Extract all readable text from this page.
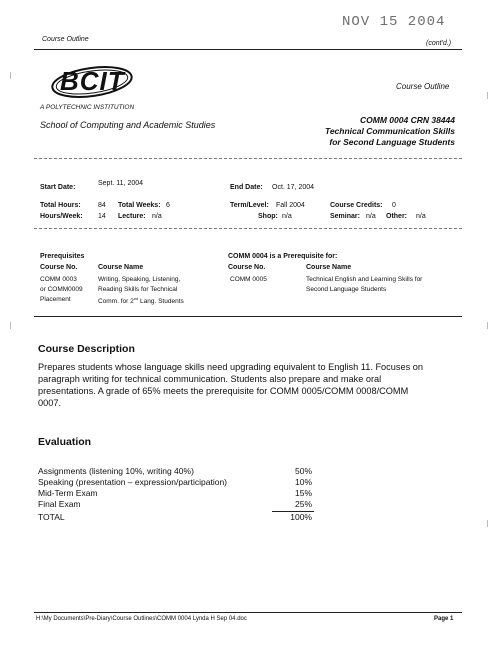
NOV 15 2004
Course Outline
(cont'd.)
BCIT
A POLYTECHNIC INSTITUTION
School of Computing and Academic Studies
Course Outline
COMM 0004 CRN 38444
Technical Communication Skills
for Second Language Students
Start Date:
Sept. 11, 2004
End Date: Oct. 17, 2004
Total Hours: 84 Total Weeks: 6	Term/Level: Fall 2004	Course Credits: 0
Hours/Week: 14 Lecture: n/a	Shop: n/a	Seminar: n/a Other: n/a
Prerequisites
Course No.	Course Name
COMM 0003	Writing, Speaking, Listening,
or COMM0009 Reading Skills for Technical
Placement	Comm. for 2nd Lang. Students
COMM 0004 is a Prerequisite for:
Course No.	Course Name
COMM 0005	Technical English and Learning Skills for
Second Language Students
Course Description
Prepares students whose language skills need upgrading equivalent to English 11. Focuses on
paragraph writing for technical communication. Students also prepare and make oral
presentations. A grade of 65% meets the prerequisite for COMM 0005/COMM 0008/COMM
0007.
Evaluation
Assignments (listening 10%, writing 40%)	50%
Speaking (presentation – expression/participation)	10%
Mid-Term Exam	15%
Final Exam	25%
TOTAL	100%
H:\My Documents\Pre-Diary\Course Outlines\COMM 0004 Lynda H Sep 04.doc	Page 1
